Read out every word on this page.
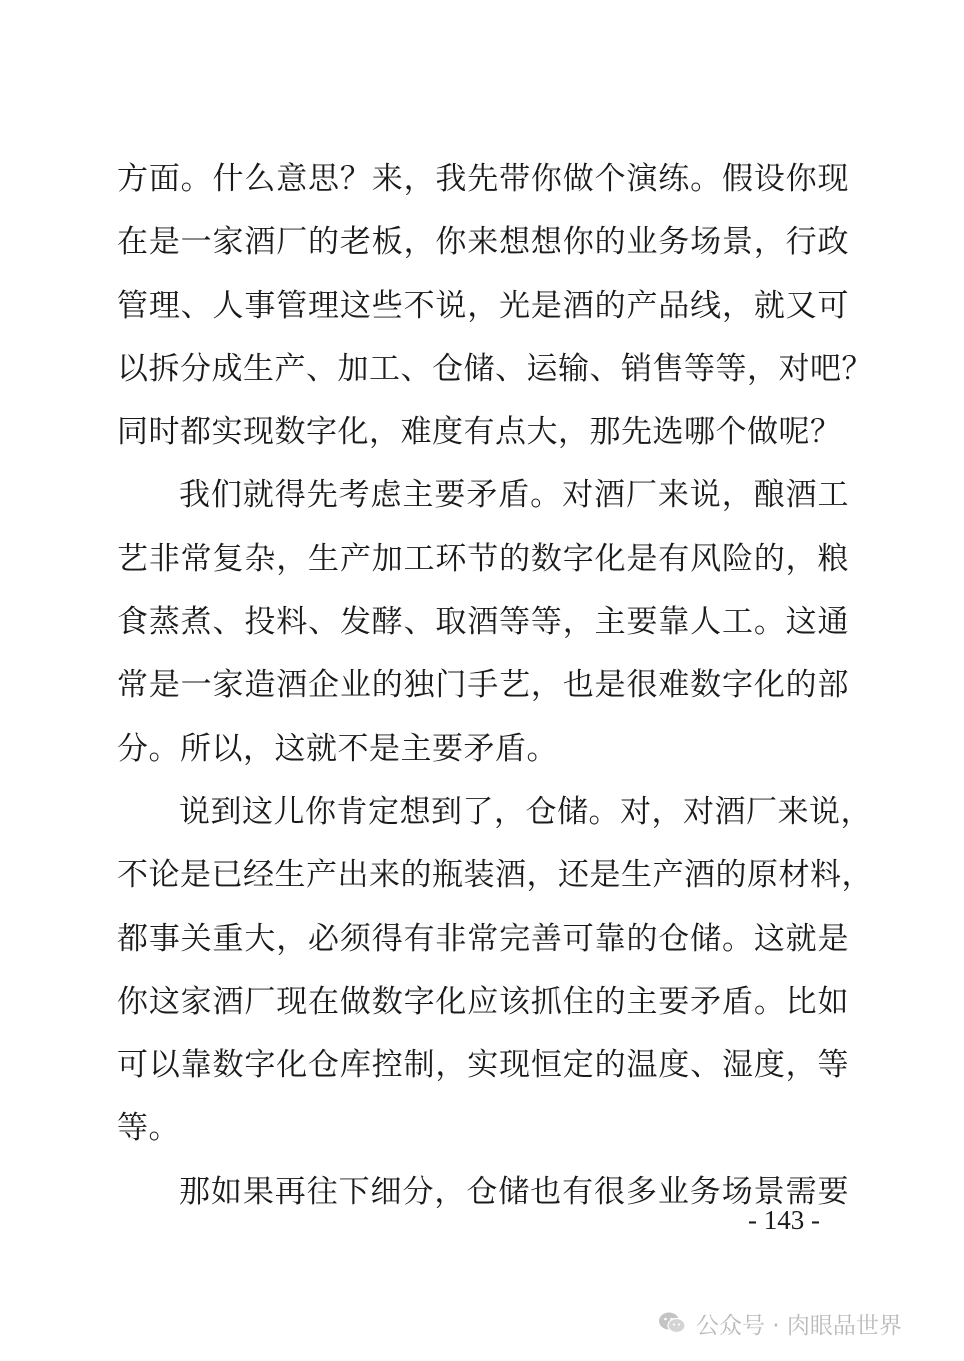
方面。什么意思？来，我先带你做个演练。假设你现
在是一家酒厂的老板，你来想想你的业务场景，行政
管理、人事管理这些不说，光是酒的产品线，就又可
以拆分成生产、加工、仓储、运输、销售等等，对吧？
同时都实现数字化，难度有点大，那先选哪个做呢？
我们就得先考虑主要矛盾。对酒厂来说，酿酒工
艺非常复杂，生产加工环节的数字化是有风险的，粮
食蒸煮、投料、发酵、取酒等等，主要靠人工。这通
常是一家造酒企业的独门手艺，也是很难数字化的部
分。所以，这就不是主要矛盾。
说到这儿你肯定想到了，仓储。对，对酒厂来说，
不论是已经生产出来的瓶装酒，还是生产酒的原材料，
都事关重大，必须得有非常完善可靠的仓储。这就是
你这家酒厂现在做数字化应该抓住的主要矛盾。比如
可以靠数字化仓库控制，实现恒定的温度、湿度，等
等。
那如果再往下细分，仓储也有很多业务场景需要
- 143 -
公众号 · 肉眼品世界
